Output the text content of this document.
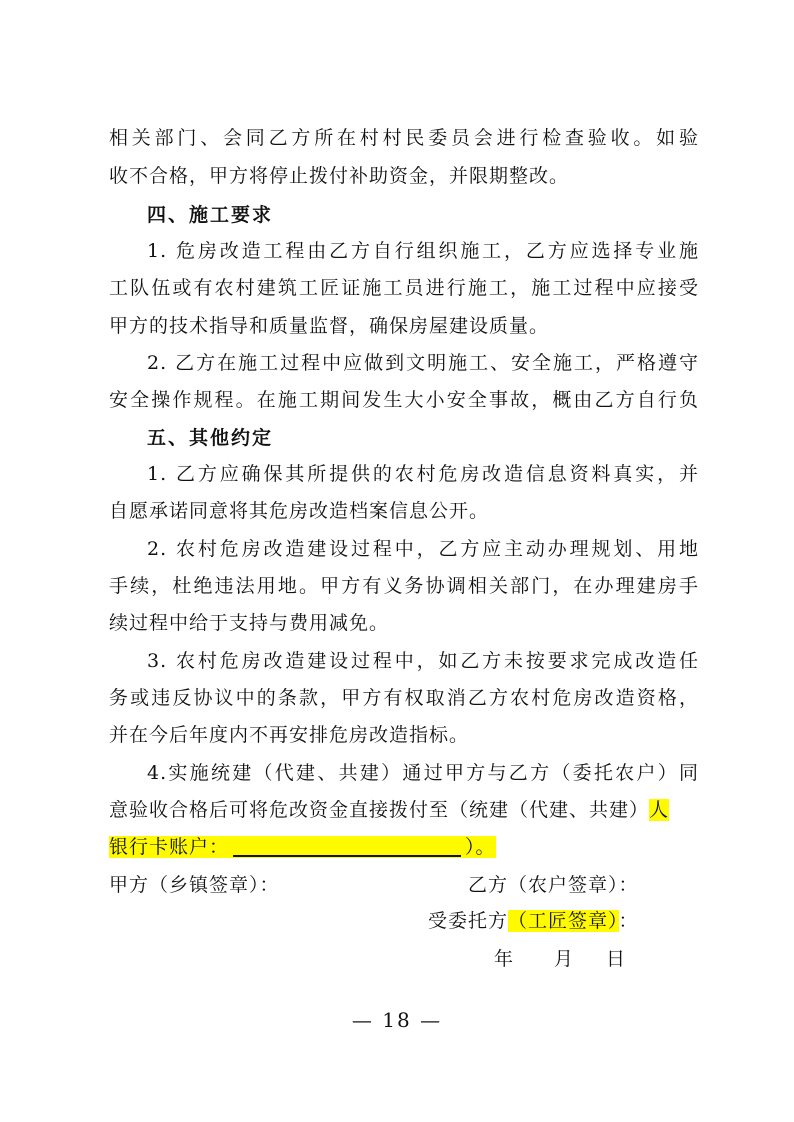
相关部门、会同乙方所在村村民委员会进行检查验收。如验
收不合格，甲方将停止拨付补助资金，并限期整改。
四、施工要求
1. 危房改造工程由乙方自行组织施工，乙方应选择专业施
工队伍或有农村建筑工匠证施工员进行施工，施工过程中应接受
甲方的技术指导和质量监督，确保房屋建设质量。
2. 乙方在施工过程中应做到文明施工、安全施工，严格遵守
安全操作规程。在施工期间发生大小安全事故，概由乙方自行负
五、其他约定
1. 乙方应确保其所提供的农村危房改造信息资料真实，并
自愿承诺同意将其危房改造档案信息公开。
2. 农村危房改造建设过程中，乙方应主动办理规划、用地
手续，杜绝违法用地。甲方有义务协调相关部门，在办理建房手
续过程中给于支持与费用减免。
3. 农村危房改造建设过程中，如乙方未按要求完成改造任
务或违反协议中的条款，甲方有权取消乙方农村危房改造资格，
并在今后年度内不再安排危房改造指标。
4.实施统建（代建、共建）通过甲方与乙方（委托农户）同
意验收合格后可将危改资金直接拨付至（统建（代建、共建）人
银行卡账户：	）。
甲方（乡镇签章）：	乙方（农户签章）：
受委托方（工匠签章）：
年 月 日
— 18 —
